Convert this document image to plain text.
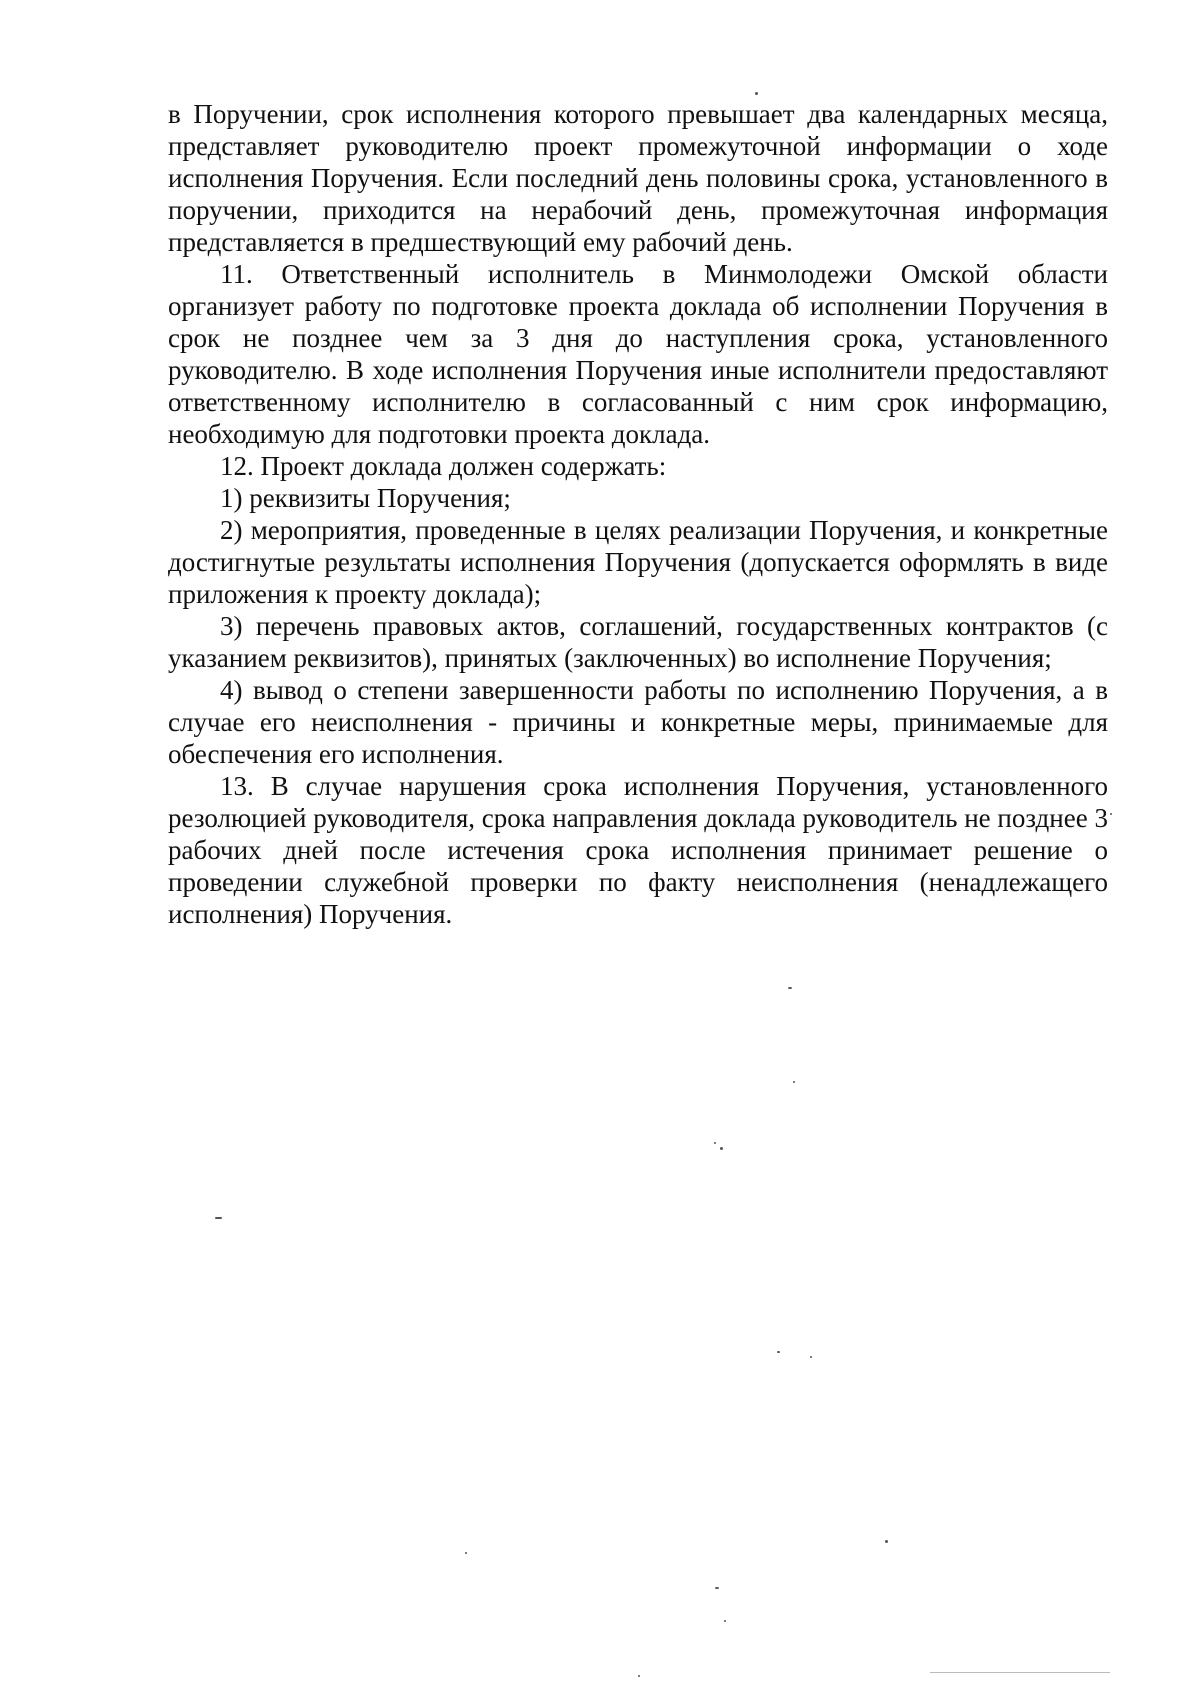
в Поручении, срок исполнения которого превышает два календарных месяца, представляет руководителю проект промежуточной информации о ходе исполнения Поручения. Если последний день половины срока, установленного в поручении, приходится на нерабочий день, промежуточная информация представляется в предшествующий ему рабочий день.

11. Ответственный исполнитель в Минмолодежи Омской области организует работу по подготовке проекта доклада об исполнении Поручения в срок не позднее чем за 3 дня до наступления срока, установленного руководителю. В ходе исполнения Поручения иные исполнители предоставляют ответственному исполнителю в согласованный с ним срок информацию, необходимую для подготовки проекта доклада.

12. Проект доклада должен содержать:

1) реквизиты Поручения;

2) мероприятия, проведенные в целях реализации Поручения, и конкретные достигнутые результаты исполнения Поручения (допускается оформлять в виде приложения к проекту доклада);

3) перечень правовых актов, соглашений, государственных контрактов (с указанием реквизитов), принятых (заключенных) во исполнение Поручения;

4) вывод о степени завершенности работы по исполнению Поручения, а в случае его неисполнения - причины и конкретные меры, принимаемые для обеспечения его исполнения.

13. В случае нарушения срока исполнения Поручения, установленного резолюцией руководителя, срока направления доклада руководитель не позднее 3 рабочих дней после истечения срока исполнения принимает решение о проведении служебной проверки по факту неисполнения (ненадлежащего исполнения) Поручения.
